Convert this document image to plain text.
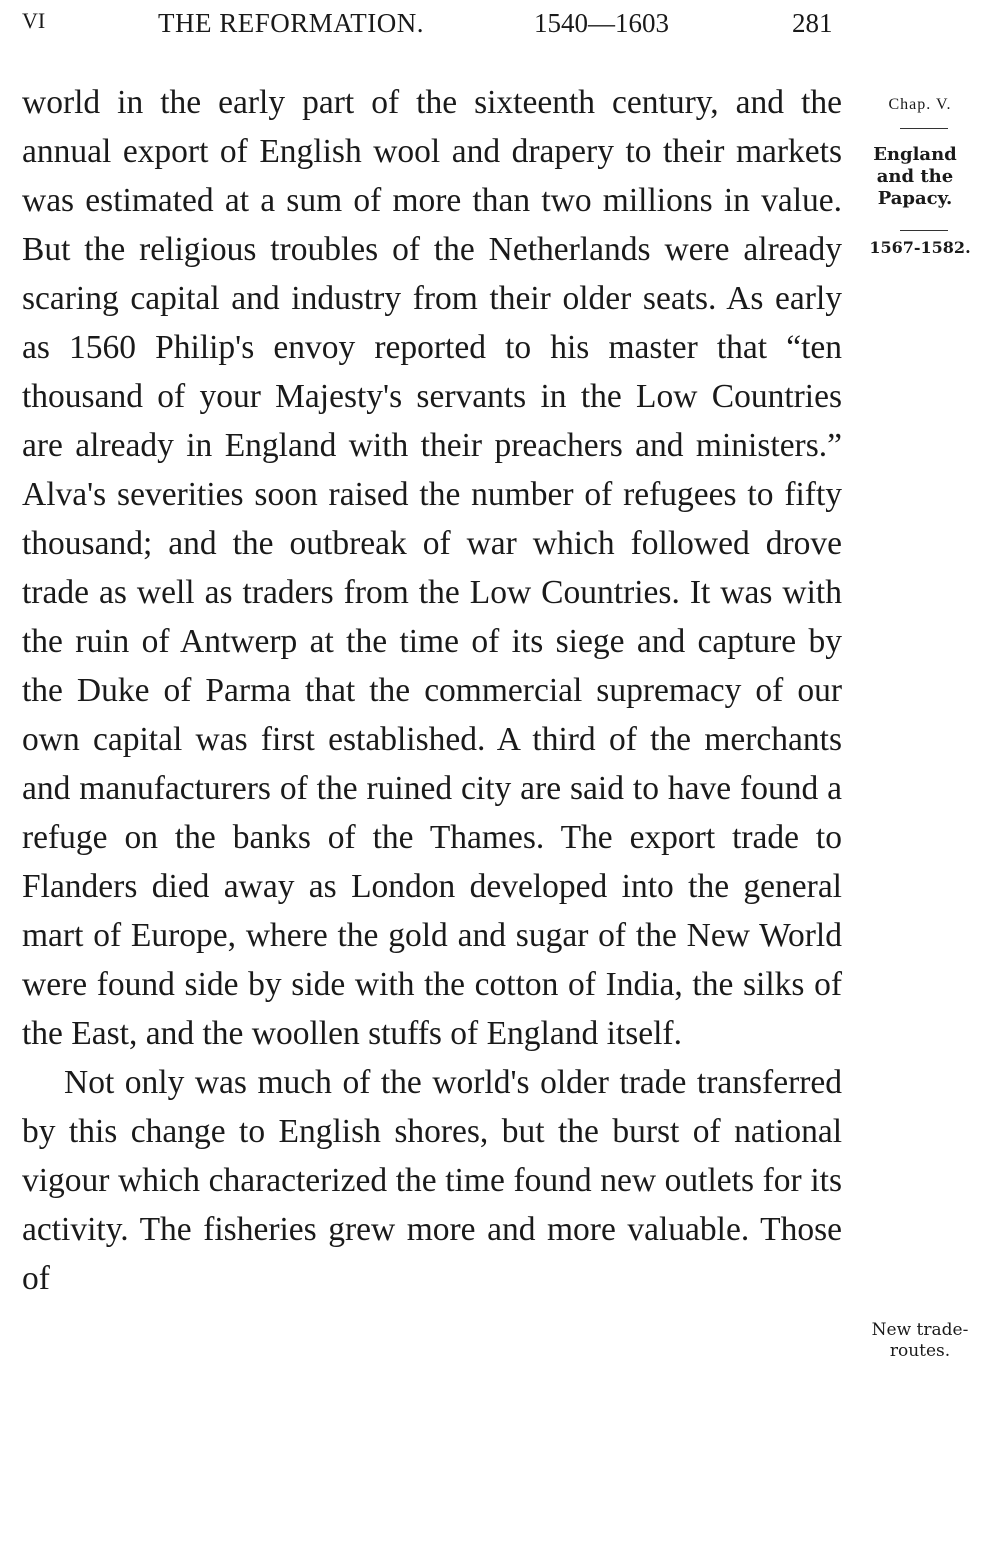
VI	THE REFORMATION.	1540—1603	281

world in the early part of the sixteenth century, and the annual export of English wool and drapery to their markets was estimated at a sum of more than two millions in value. But the religious troubles of the Netherlands were already scaring capital and industry from their older seats. As early as 1560 Philip's envoy reported to his master that “ten thousand of your Majesty's servants in the Low Countries are already in England with their preachers and ministers.” Alva's severities soon raised the number of refugees to fifty thousand; and the outbreak of war which followed drove trade as well as traders from the Low Countries. It was with the ruin of Antwerp at the time of its siege and capture by the Duke of Parma that the commercial supremacy of our own capital was first established. A third of the merchants and manufacturers of the ruined city are said to have found a refuge on the banks of the Thames. The export trade to Flanders died away as London developed into the general mart of Europe, where the gold and sugar of the New World were found side by side with the cotton of India, the silks of the East, and the woollen stuffs of England itself.

Not only was much of the world's older trade transferred by this change to English shores, but the burst of national vigour which characterized the time found new outlets for its activity. The fisheries grew more and more valuable. Those of

Chap. V.
England
and the
Papacy.
1567-1582.
New trade-
routes.
